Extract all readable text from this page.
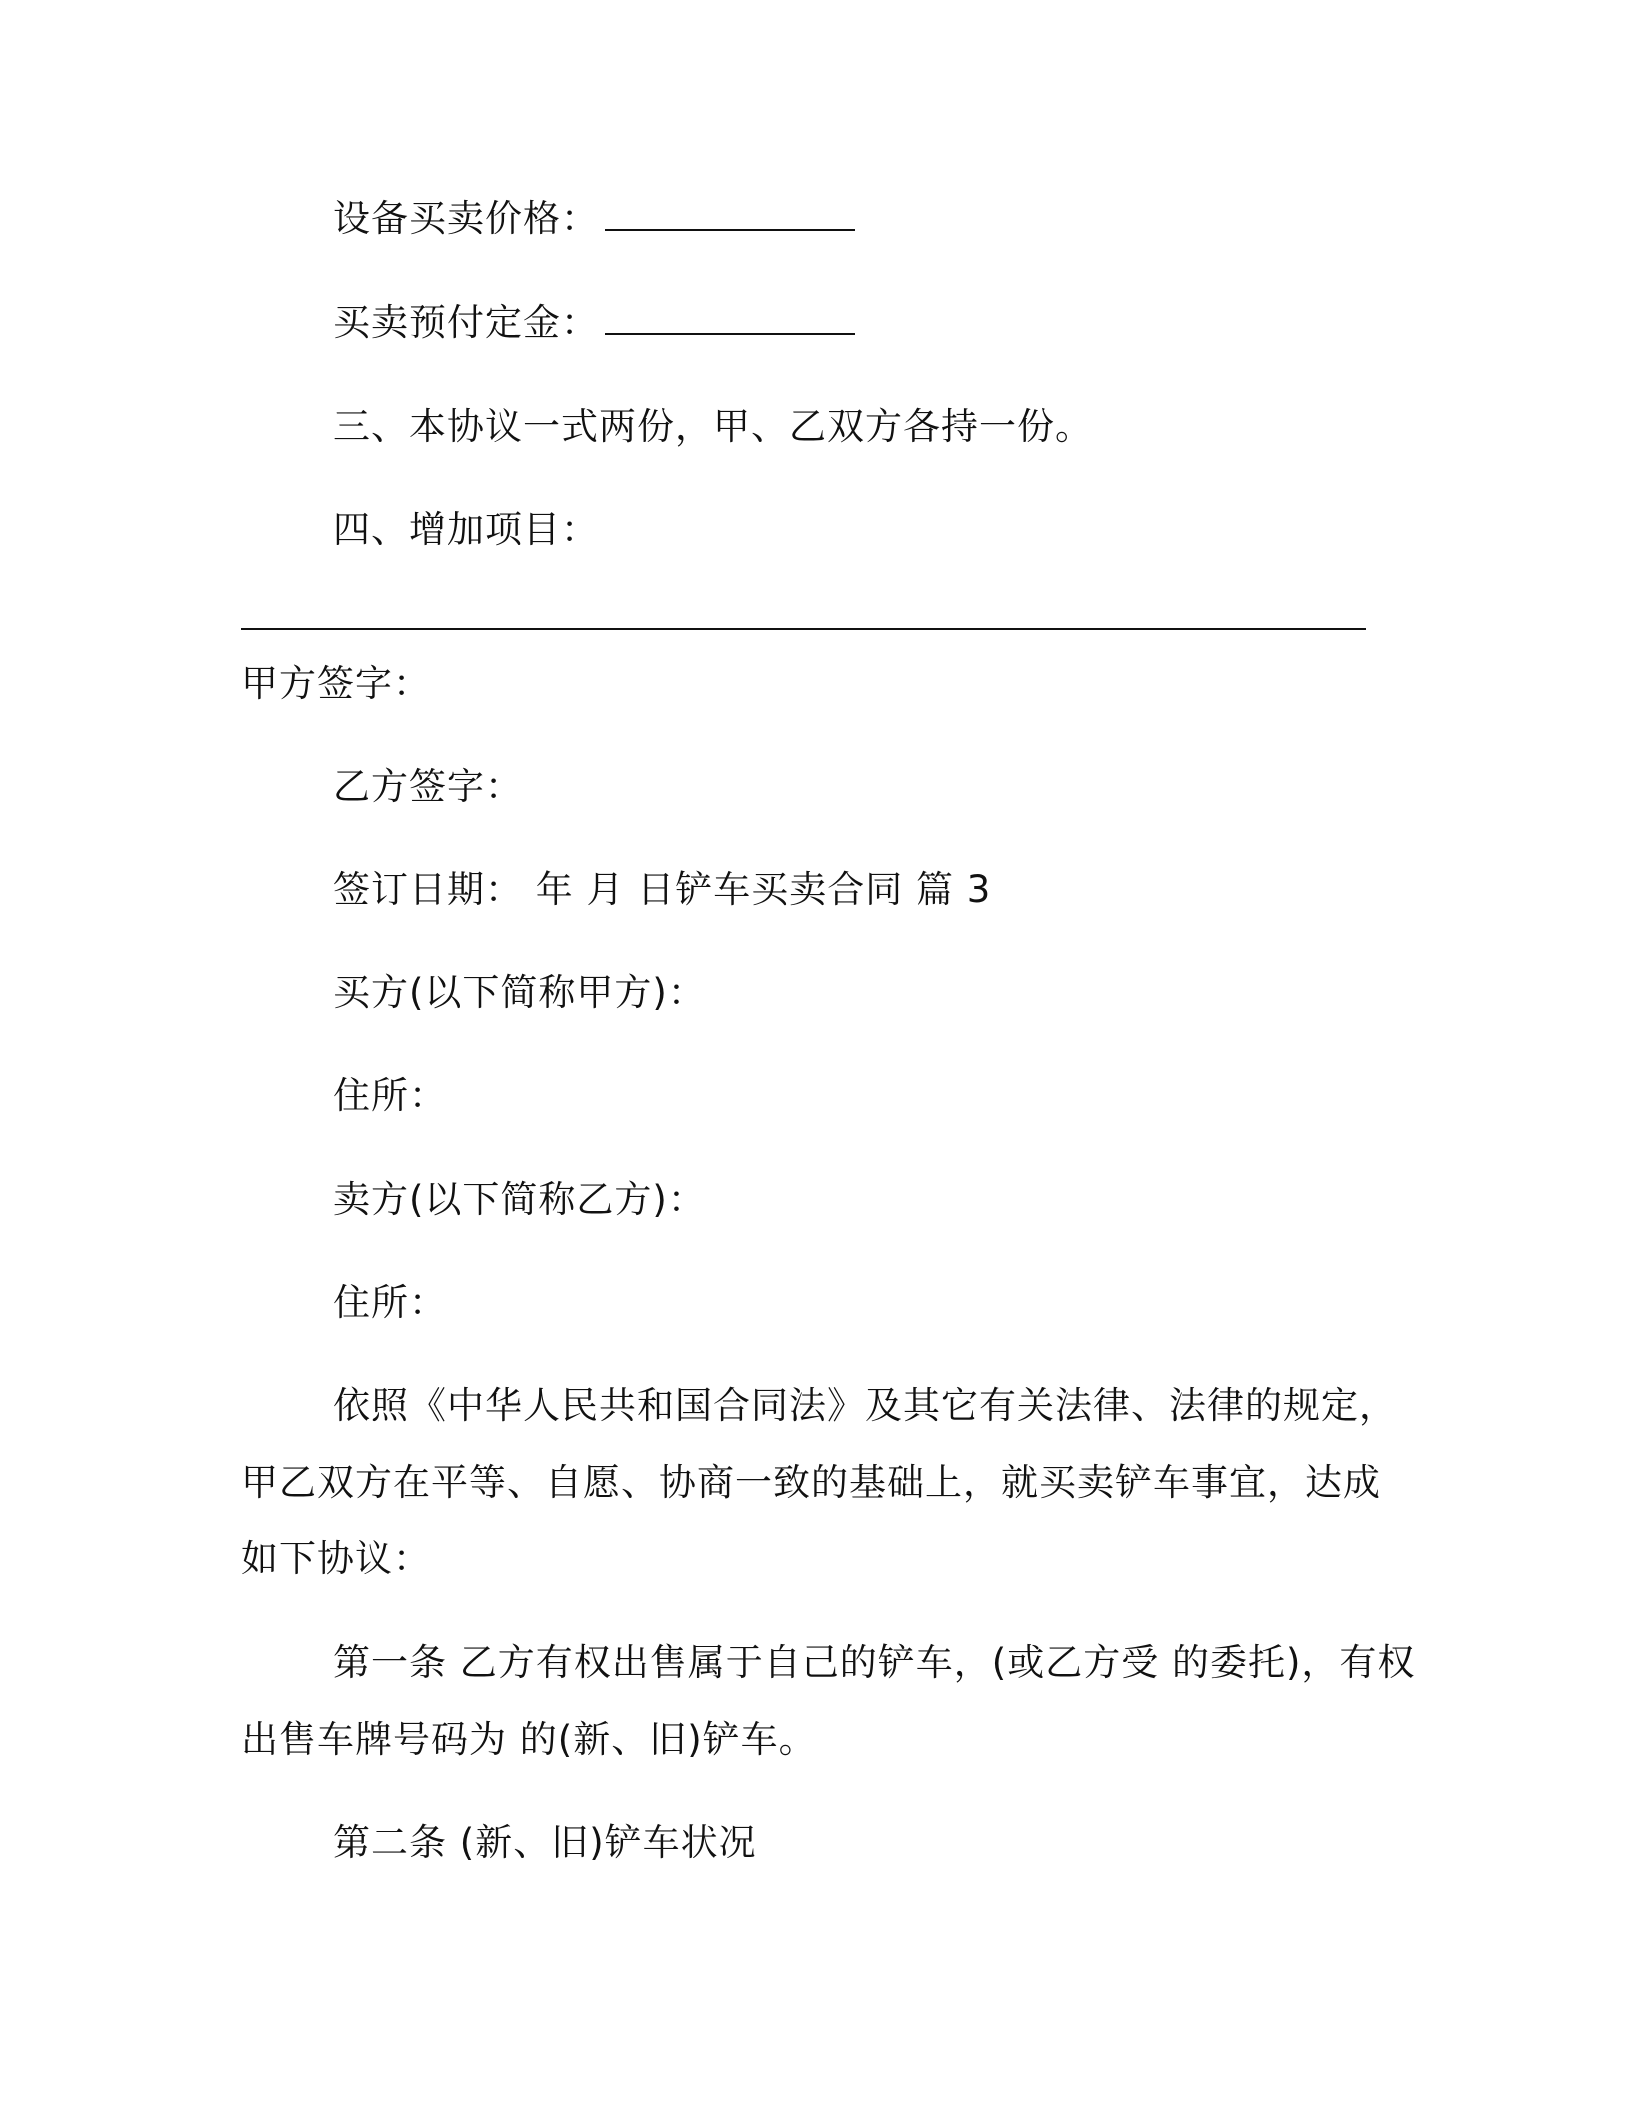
设备买卖价格：
买卖预付定金：
三、本协议一式两份，甲、乙双方各持一份。
四、增加项目：
甲方签字：
乙方签字：
签订日期： 年 月 日铲车买卖合同 篇 3
买方(以下简称甲方)：
住所：
卖方(以下简称乙方)：
住所：
依照《中华人民共和国合同法》及其它有关法律、法律的规定，
甲乙双方在平等、自愿、协商一致的基础上，就买卖铲车事宜，达成
如下协议：
第一条 乙方有权出售属于自己的铲车，(或乙方受 的委托)，有权
出售车牌号码为 的(新、旧)铲车。
第二条 (新、旧)铲车状况
